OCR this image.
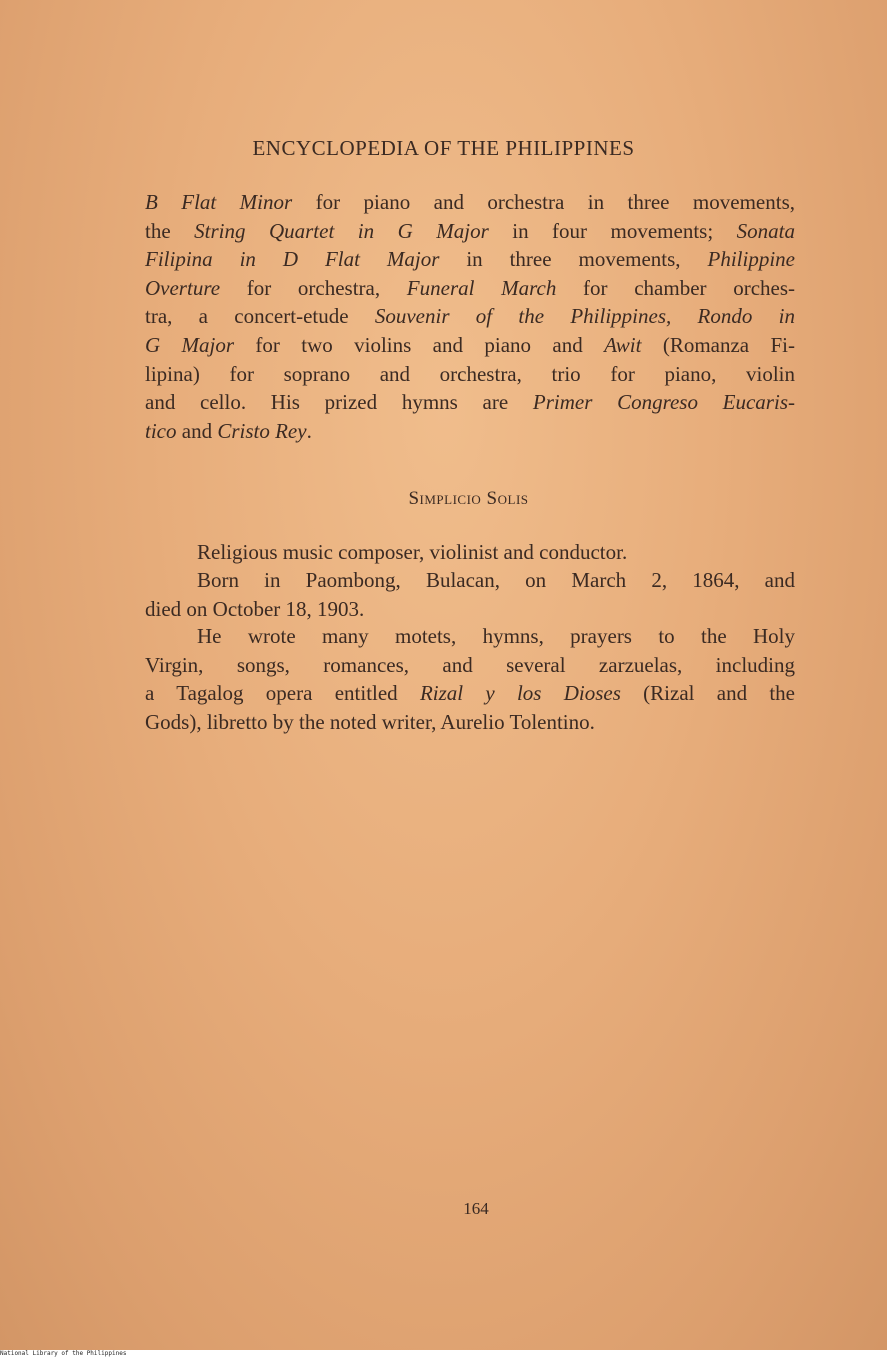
ENCYCLOPEDIA OF THE PHILIPPINES

B Flat Minor for piano and orchestra in three movements,
the String Quartet in G Major in four movements; Sonata
Filipina in D Flat Major in three movements, Philippine
Overture for orchestra, Funeral March for chamber orches-
tra, a concert-etude Souvenir of the Philippines, Rondo in
G Major for two violins and piano and Awit (Romanza Fi-
lipina) for soprano and orchestra, trio for piano, violin
and cello. His prized hymns are Primer Congreso Eucaris-
tico and Cristo Rey.

Simplicio Solis

Religious music composer, violinist and conductor.

Born in Paombong, Bulacan, on March 2, 1864, and
died on October 18, 1903.

He wrote many motets, hymns, prayers to the Holy
Virgin, songs, romances, and several zarzuelas, including
a Tagalog opera entitled Rizal y los Dioses (Rizal and the
Gods), libretto by the noted writer, Aurelio Tolentino.

164
National Library of the Philippines
